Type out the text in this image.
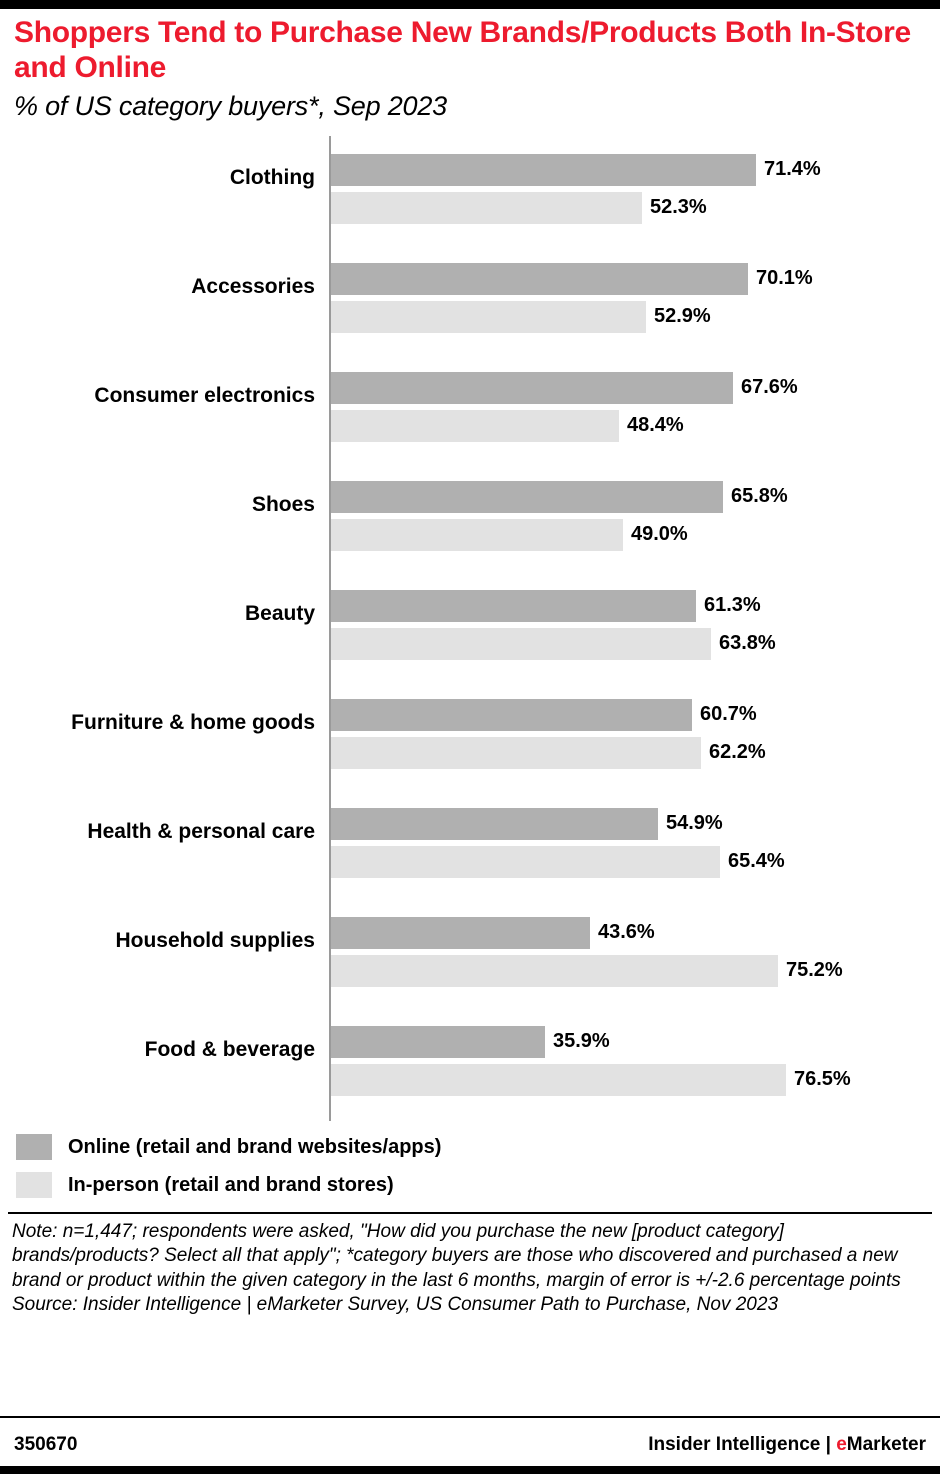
Shoppers Tend to Purchase New Brands/Products Both In-Store and Online
% of US category buyers*, Sep 2023
Clothing	71.4%
52.3%
Accessories	70.1%
52.9%
Consumer electronics	67.6%
48.4%
Shoes	65.8%
49.0%
Beauty	61.3%
63.8%
Furniture & home goods	60.7%
62.2%
Health & personal care	54.9%
65.4%
Household supplies	43.6%
75.2%
Food & beverage	35.9%
76.5%
Online (retail and brand websites/apps)
In-person (retail and brand stores)
Note: n=1,447; respondents were asked, "How did you purchase the new [product category] brands/products? Select all that apply"; *category buyers are those who discovered and purchased a new brand or product within the given category in the last 6 months, margin of error is +/-2.6 percentage points
Source: Insider Intelligence | eMarketer Survey, US Consumer Path to Purchase, Nov 2023
350670	Insider Intelligence | eMarketer
